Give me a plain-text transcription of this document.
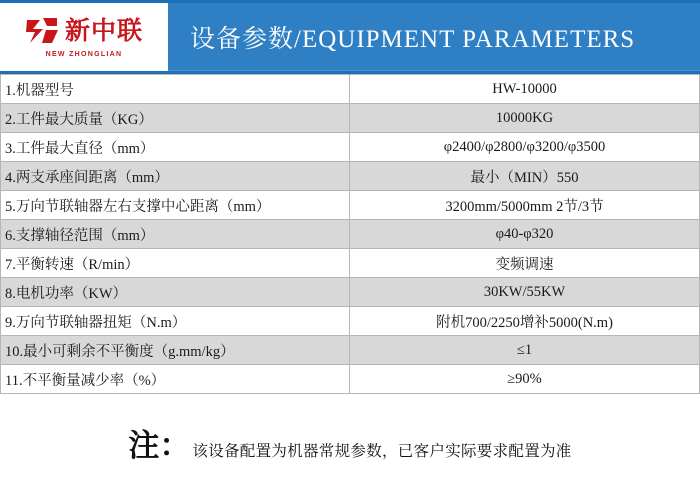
新中联
NEW ZHONGLIAN
设备参数/EQUIPMENT PARAMETERS
1.机器型号	HW-10000
2.工件最大质量（KG）	10000KG
3.工件最大直径（mm）	φ2400/φ2800/φ3200/φ3500
4.两支承座间距离（mm）	最小（MIN）550
5.万向节联轴器左右支撑中心距离（mm）	3200mm/5000mm 2节/3节
6.支撑轴径范围（mm）	φ40-φ320
7.平衡转速（R/min）	变频调速
8.电机功率（KW）	30KW/55KW
9.万向节联轴器扭矩（N.m）	附机700/2250增补5000(N.m)
10.最小可剩余不平衡度（g.mm/kg）	≤1
11.不平衡量减少率（%）	≥90%
注： 该设备配置为机器常规参数，已客户实际要求配置为准
